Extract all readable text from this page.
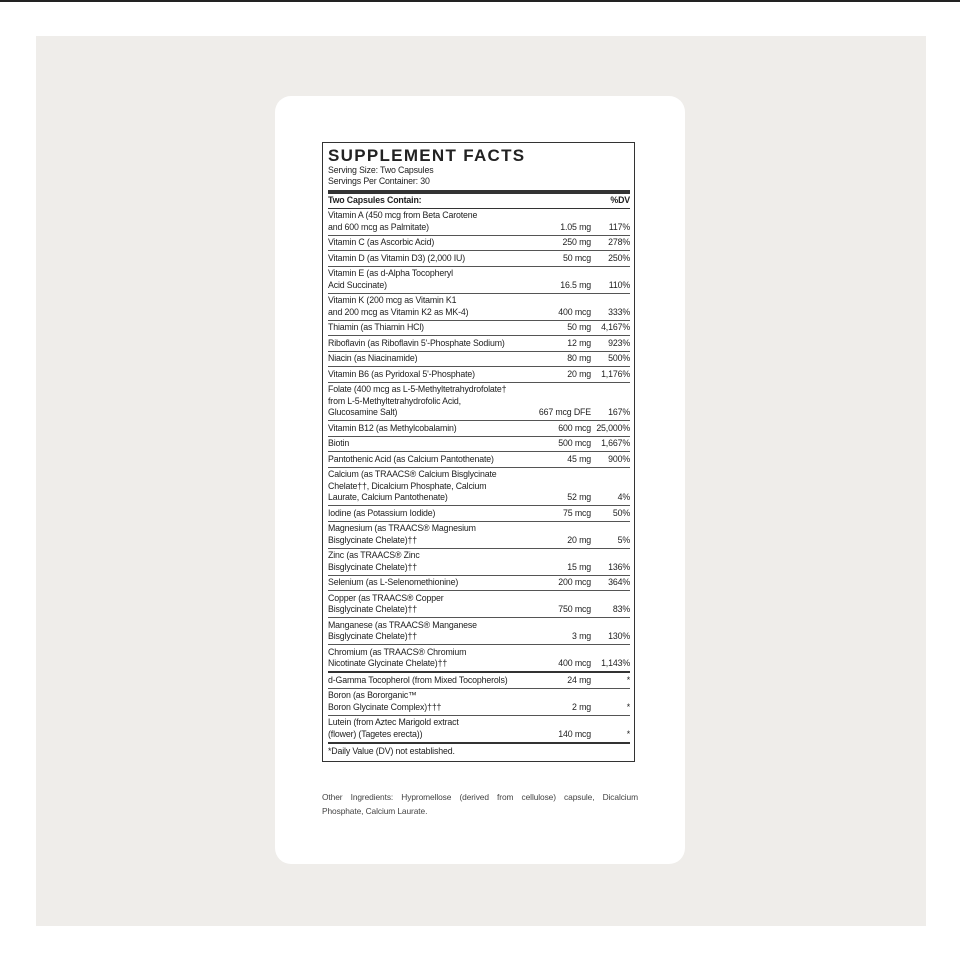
SUPPLEMENT FACTS
Serving Size: Two Capsules
Servings Per Container: 30
Two Capsules Contain:	%DV
Vitamin A (450 mcg from Beta Carotene
and 600 mcg as Palmitate)	1.05 mg	117%
Vitamin C (as Ascorbic Acid)	250 mg	278%
Vitamin D (as Vitamin D3) (2,000 IU)	50 mcg	250%
Vitamin E (as d-Alpha Tocopheryl
Acid Succinate)	16.5 mg	110%
Vitamin K (200 mcg as Vitamin K1
and 200 mcg as Vitamin K2 as MK-4)	400 mcg	333%
Thiamin (as Thiamin HCl)	50 mg	4,167%
Riboflavin (as Riboflavin 5'-Phosphate Sodium)	12 mg	923%
Niacin (as Niacinamide)	80 mg	500%
Vitamin B6 (as Pyridoxal 5'-Phosphate)	20 mg	1,176%
Folate (400 mcg as L-5-Methyltetrahydrofolate†
from L-5-Methyltetrahydrofolic Acid,
Glucosamine Salt)	667 mcg DFE	167%
Vitamin B12 (as Methylcobalamin)	600 mcg 25,000%
Biotin	500 mcg	1,667%
Pantothenic Acid (as Calcium Pantothenate)	45 mg	900%
Calcium (as TRAACS® Calcium Bisglycinate
Chelate††, Dicalcium Phosphate, Calcium
Laurate, Calcium Pantothenate)	52 mg	4%
Iodine (as Potassium Iodide)	75 mcg	50%
Magnesium (as TRAACS® Magnesium
Bisglycinate Chelate)††	20 mg	5%
Zinc (as TRAACS® Zinc
Bisglycinate Chelate)††	15 mg	136%
Selenium (as L-Selenomethionine)	200 mcg	364%
Copper (as TRAACS® Copper
Bisglycinate Chelate)††	750 mcg	83%
Manganese (as TRAACS® Manganese
Bisglycinate Chelate)††	3 mg	130%
Chromium (as TRAACS® Chromium
Nicotinate Glycinate Chelate)††	400 mcg	1,143%
d-Gamma Tocopherol (from Mixed Tocopherols)	24 mg	*
Boron (as Bororganic™
Boron Glycinate Complex)†††	2 mg	*
Lutein (from Aztec Marigold extract
(flower) (Tagetes erecta))	140 mcg	*
*Daily Value (DV) not established.
Other Ingredients: Hypromellose (derived from cellulose) capsule, Dicalcium Phosphate, Calcium Laurate.
